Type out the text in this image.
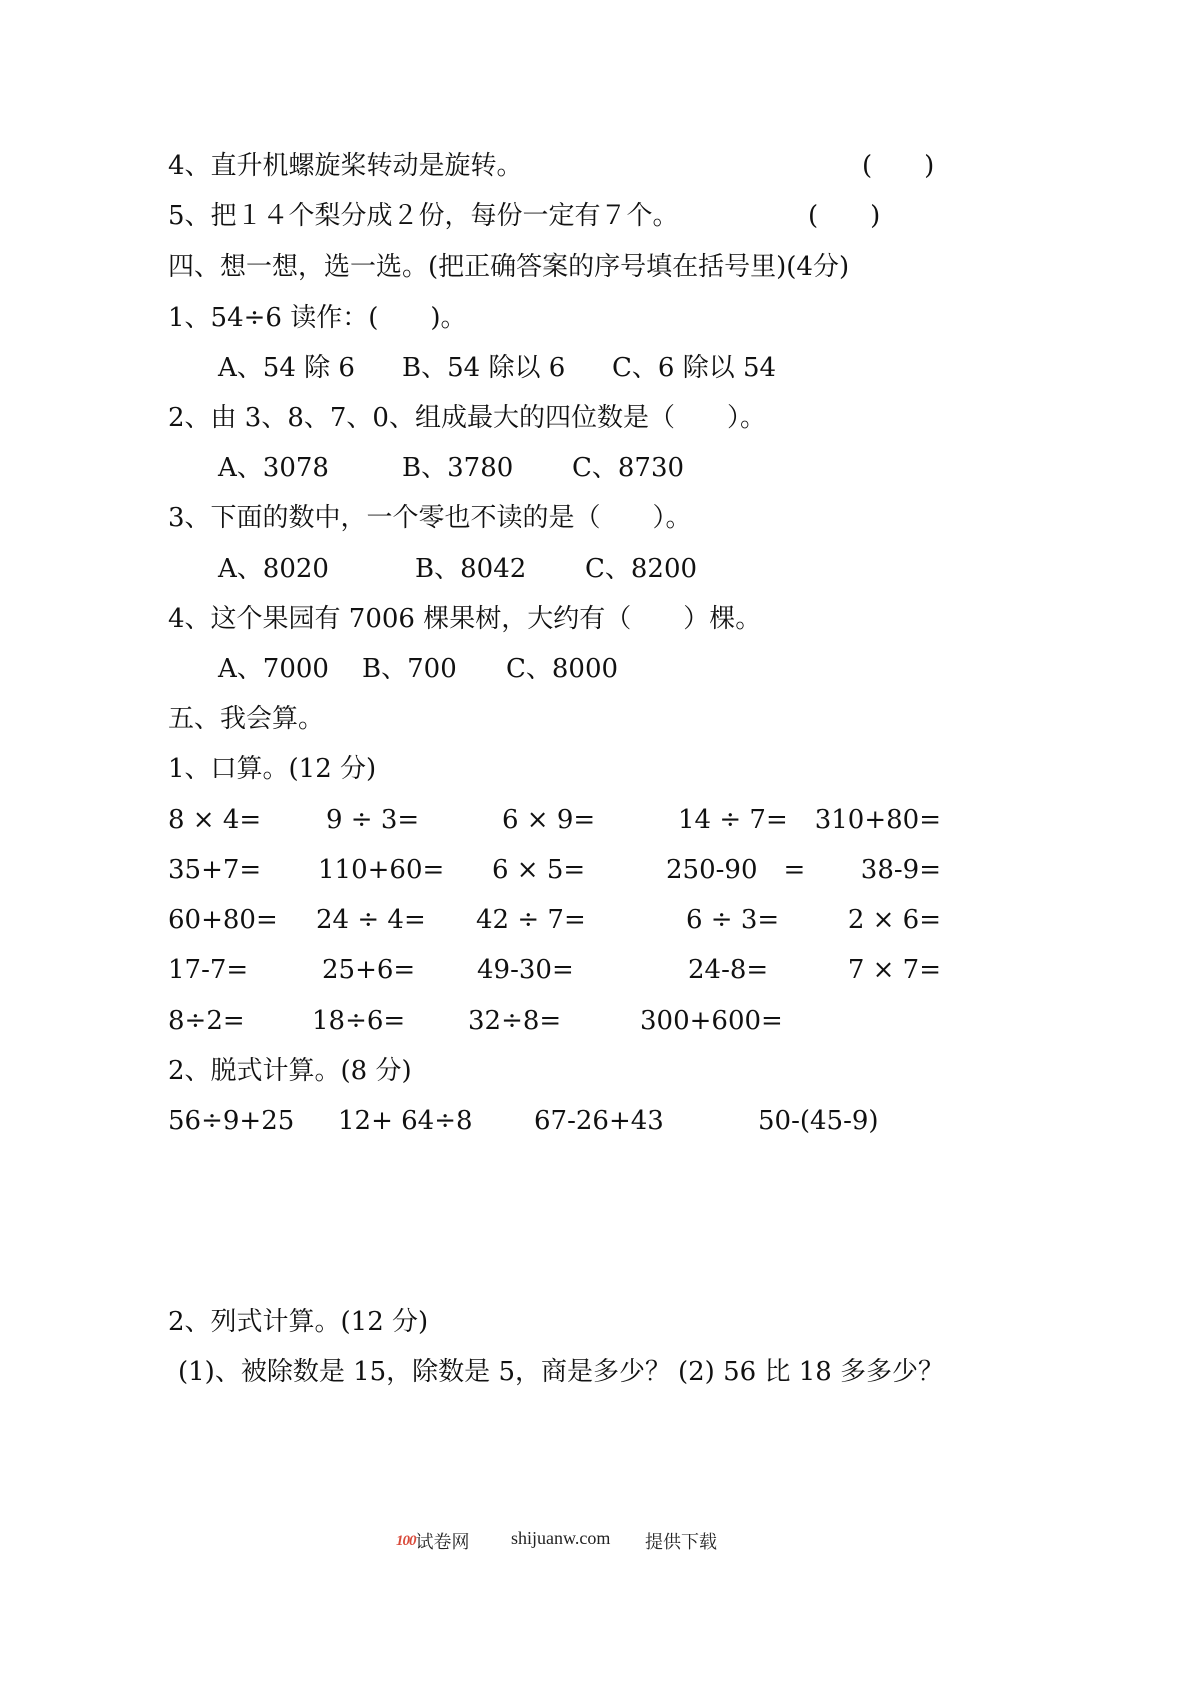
4、直升机螺旋桨转动是旋转。	(　　)
5、把１４个梨分成２份，每份一定有７个。	(　　)
四、想一想，选一选。(把正确答案的序号填在括号里)(4分)
1、54÷6 读作：(　　)。
A、54 除 6 B、54 除以 6 C、6 除以 54
2、由 3、8、7、0、组成最大的四位数是（　　）。
A、3078	B、3780 C、8730
3、下面的数中，一个零也不读的是（　　）。
A、8020	B、8042 C、8200
4、这个果园有 7006 棵果树，大约有（　　）棵。
A、7000 B、700 C、8000
五、我会算。
1、口算。(12 分)
8 × 4= 9 ÷ 3=	6 × 9=	14 ÷ 7= 310+80=
35+7= 110+60= 6 × 5=	250-90　= 38-9=
60+80= 24 ÷ 4= 42 ÷ 7=	6 ÷ 3=	2 × 6=
17-7=	25+6= 49-30=	24-8=	7 × 7=
8÷2=	18÷6= 32÷8=	300+600=
2、脱式计算。(8 分)
56÷9+25 12+ 64÷8 67-26+43	50-(45-9)
2、列式计算。(12 分)
(1)、被除数是 15，除数是 5，商是多少？ (2) 56 比 18 多多少？
100试卷网 shijuanw.com 提供下载
